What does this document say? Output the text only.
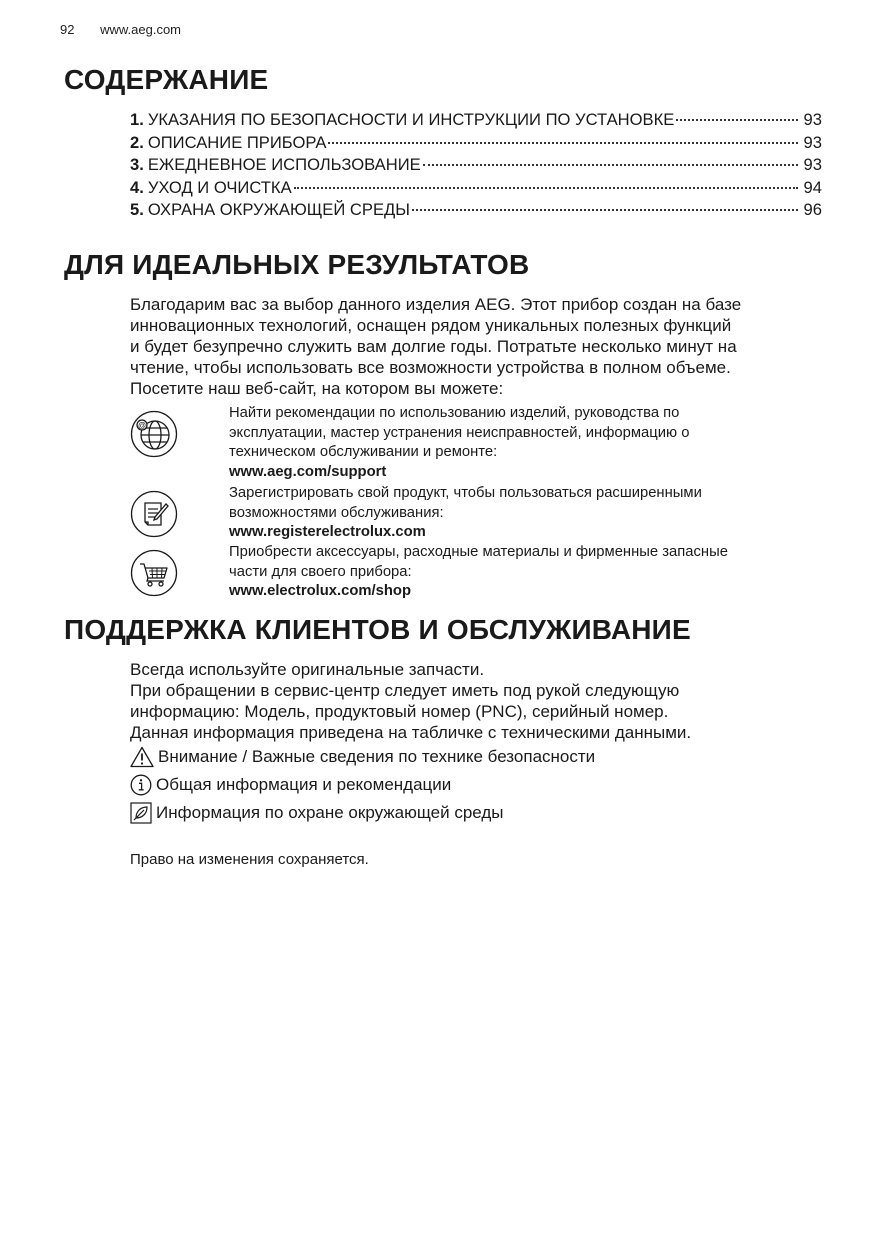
92 www.aeg.com
СОДЕРЖАНИЕ
1. УКАЗАНИЯ ПО БЕЗОПАСНОСТИ И ИНСТРУКЦИИ ПО УСТАНОВКЕ	93
2. ОПИСАНИЕ ПРИБОРА	93
3. ЕЖЕДНЕВНОЕ ИСПОЛЬЗОВАНИЕ	93
4. УХОД И ОЧИСТКА	94
5. ОХРАНА ОКРУЖАЮЩЕЙ СРЕДЫ	96
ДЛЯ ИДЕАЛЬНЫХ РЕЗУЛЬТАТОВ
Благодарим вас за выбор данного изделия AEG. Этот прибор создан на базе
инновационных технологий, оснащен рядом уникальных полезных функций
и будет безупречно служить вам долгие годы. Потратьте несколько минут на
чтение, чтобы использовать все возможности устройства в полном объеме.
Посетите наш веб-сайт, на котором вы можете:
@
Найти рекомендации по использованию изделий, руководства по
эксплуатации, мастер устранения неисправностей, информацию о
техническом обслуживании и ремонте:
www.aeg.com/support
Зарегистрировать свой продукт, чтобы пользоваться расширенными
возможностями обслуживания:
www.registerelectrolux.com
Приобрести аксессуары, расходные материалы и фирменные запасные
части для своего прибора:
www.electrolux.com/shop
ПОДДЕРЖКА КЛИЕНТОВ И ОБСЛУЖИВАНИЕ
Всегда используйте оригинальные запчасти.
При обращении в сервис-центр следует иметь под рукой следующую
информацию: Модель, продуктовый номер (PNC), серийный номер.
Данная информация приведена на табличке с техническими данными.
Внимание / Важные сведения по технике безопасности
Общая информация и рекомендации
Информация по охране окружающей среды
Право на изменения сохраняется.
